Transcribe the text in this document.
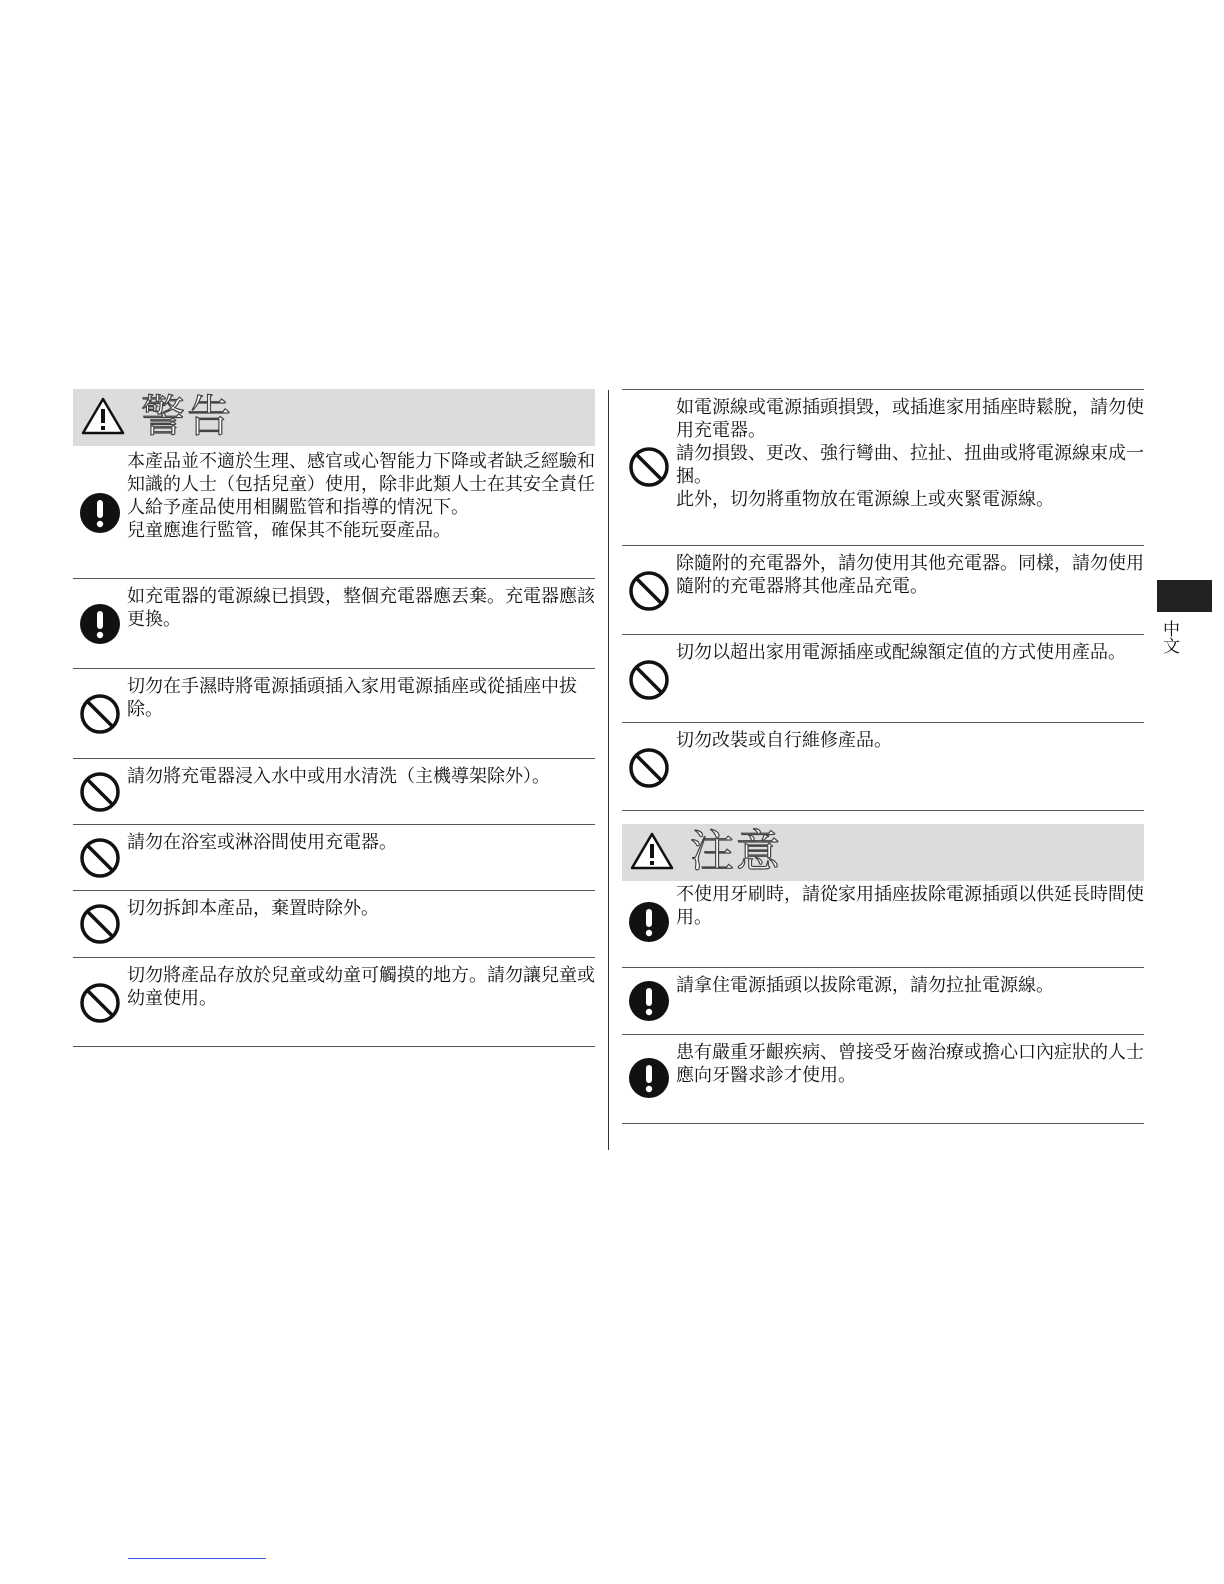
警告

本產品並不適於生理、感官或心智能力下降或者缺乏經驗和知識的人士（包括兒童）使用，除非此類人士在其安全責任人給予產品使用相關監管和指導的情況下。

兒童應進行監管，確保其不能玩耍產品。

如充電器的電源線已損毀，整個充電器應丟棄。充電器應該更換。

切勿在手濕時將電源插頭插入家用電源插座或從插座中拔除。

請勿將充電器浸入水中或用水清洗（主機導架除外）。

請勿在浴室或淋浴間使用充電器。

切勿拆卸本產品，棄置時除外。

切勿將產品存放於兒童或幼童可觸摸的地方。請勿讓兒童或幼童使用。

如電源線或電源插頭損毀，或插進家用插座時鬆脫，請勿使用充電器。

請勿損毀、更改、強行彎曲、拉扯、扭曲或將電源線束成一捆。

此外，切勿將重物放在電源線上或夾緊電源線。

除隨附的充電器外，請勿使用其他充電器。同樣，請勿使用隨附的充電器將其他產品充電。

切勿以超出家用電源插座或配線額定值的方式使用產品。

切勿改裝或自行維修產品。

注意

不使用牙刷時，請從家用插座拔除電源插頭以供延長時間使用。

請拿住電源插頭以拔除電源，請勿拉扯電源線。

患有嚴重牙齦疾病、曾接受牙齒治療或擔心口內症狀的人士應向牙醫求診才使用。

中文
